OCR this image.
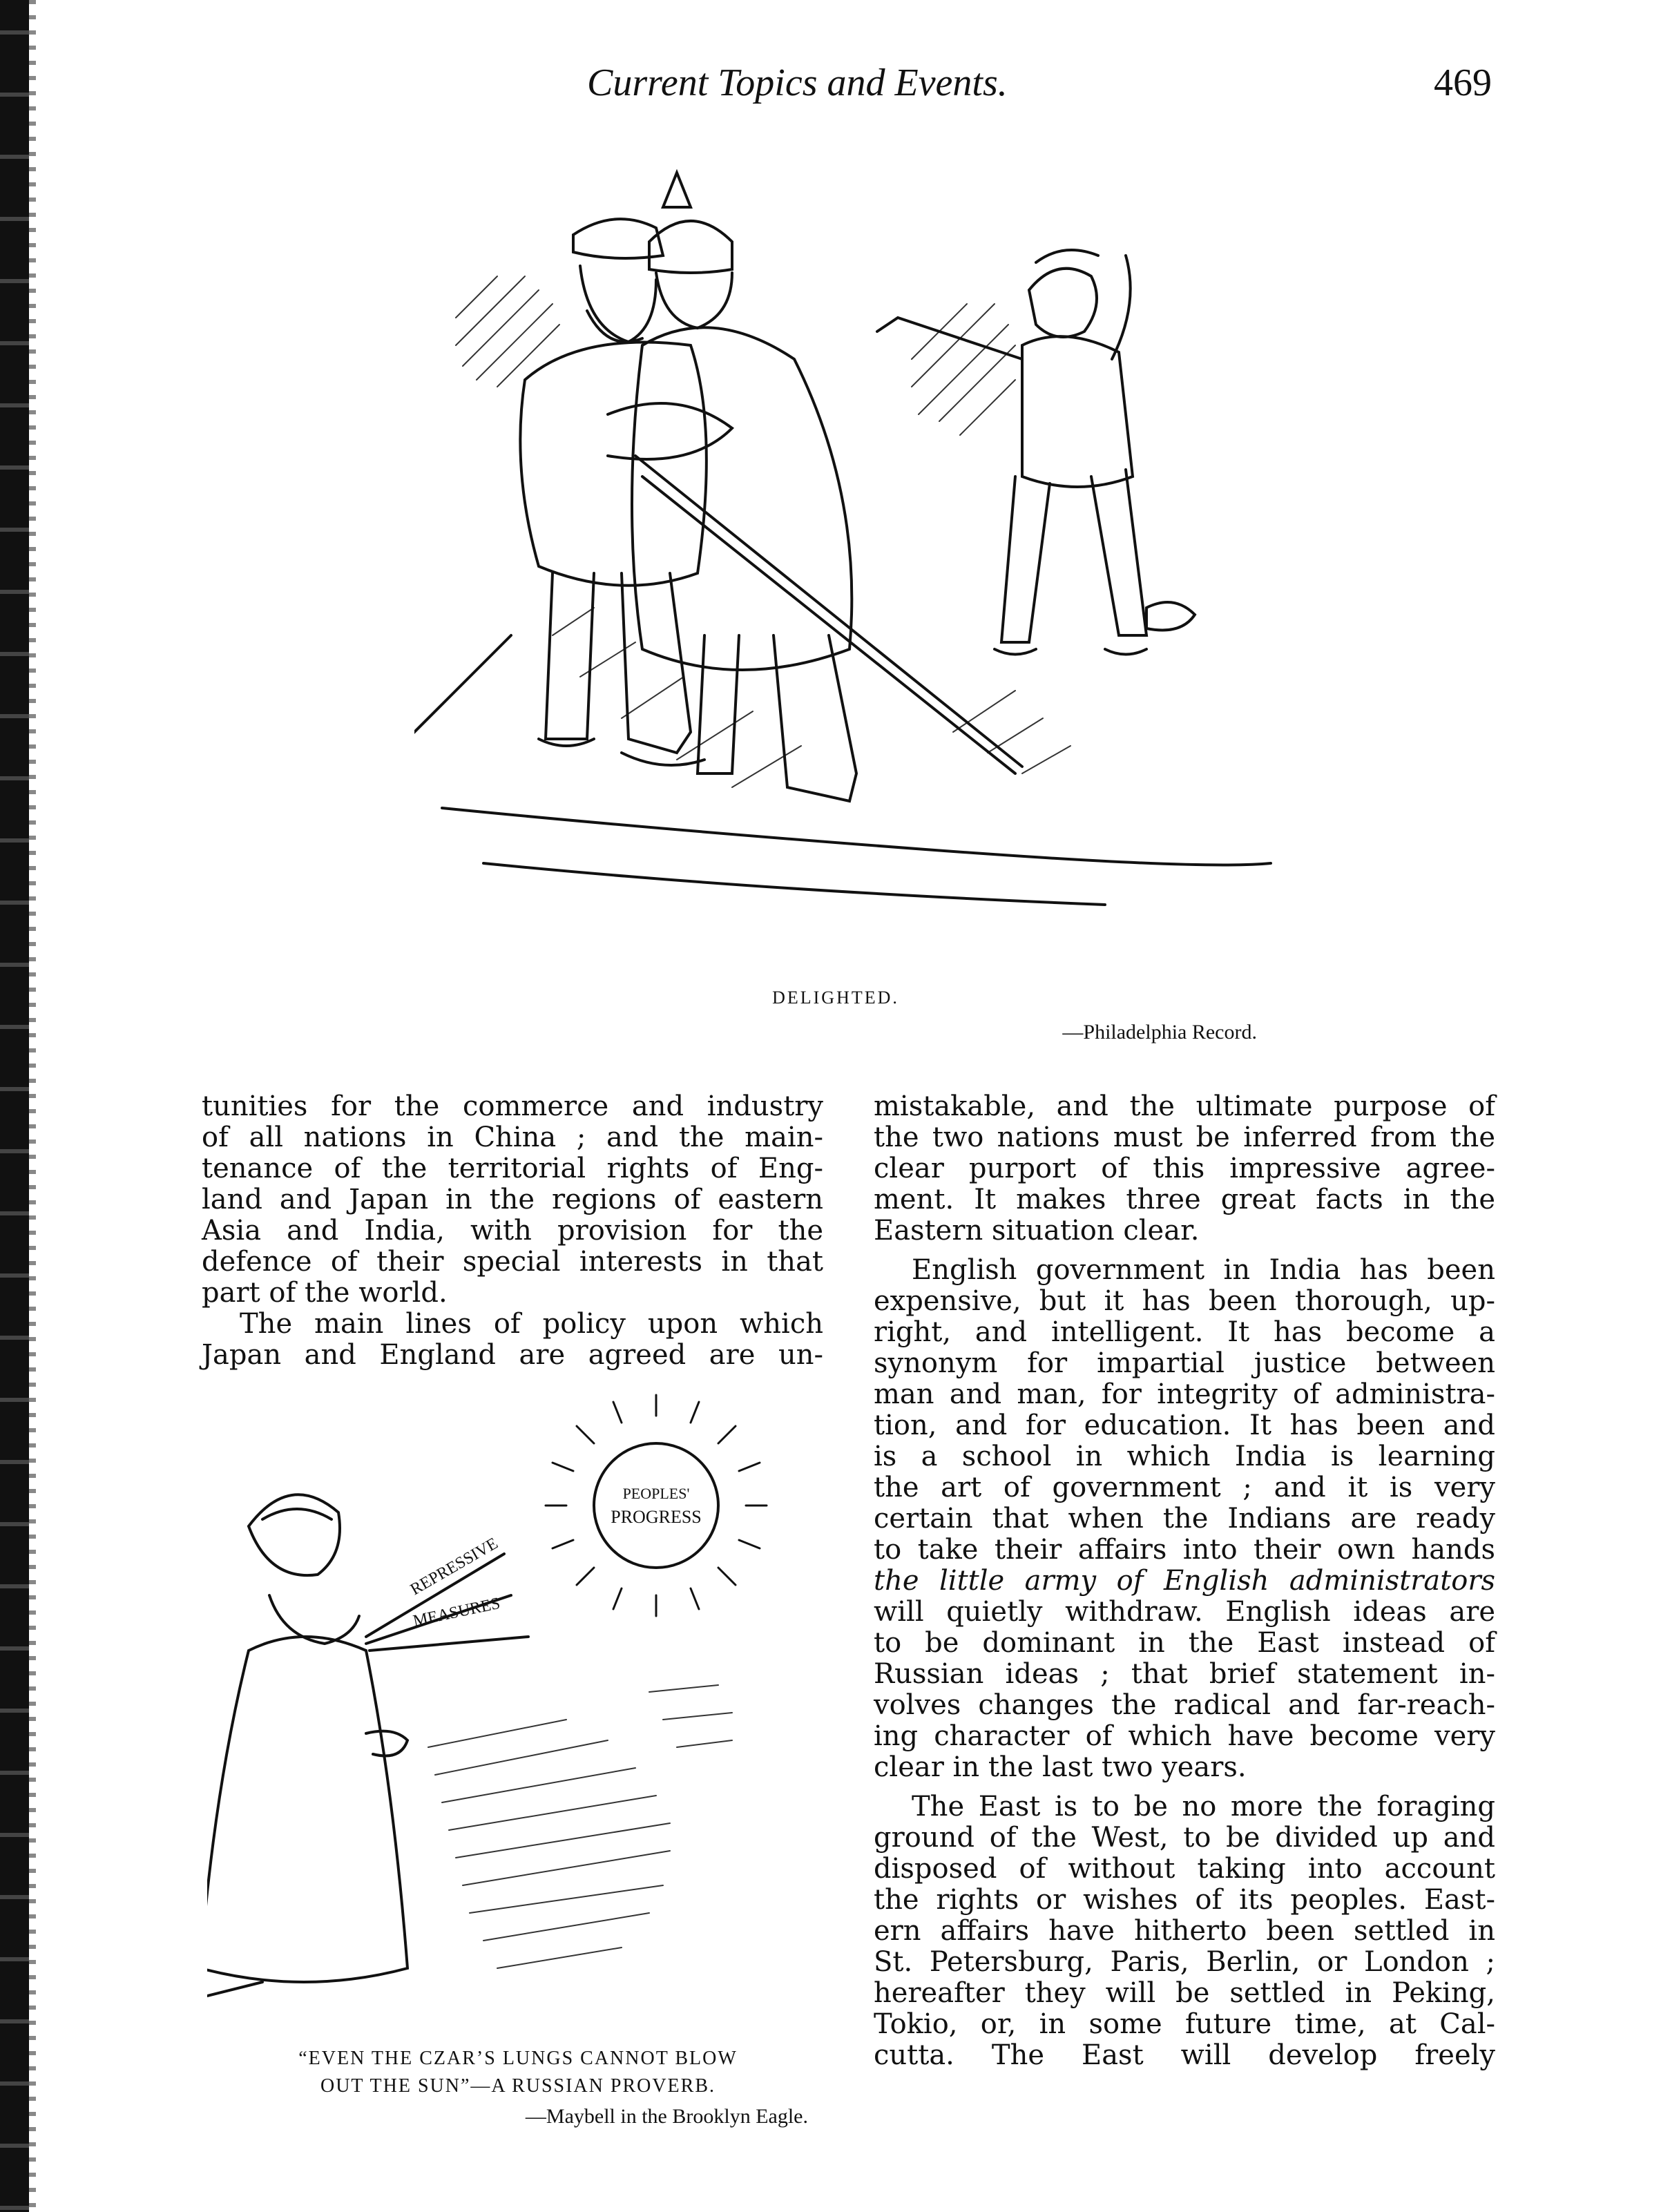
Current Topics and Events.	469
DELIGHTED.
—Philadelphia Record.

tunities for the commerce and industry
of all nations in China ; and the main-
tenance of the territorial rights of Eng-
land and Japan in the regions of eastern
Asia and India, with provision for the
defence of their special interests in that
part of the world.

The main lines of policy upon which
Japan and England are agreed are un-

PEOPLES'
PROGRESS
REPRESSIVE
MEASURES
“EVEN THE CZAR’S LUNGS CANNOT BLOW
OUT THE SUN”—A RUSSIAN PROVERB.
—Maybell in the Brooklyn Eagle.

mistakable, and the ultimate purpose of
the two nations must be inferred from the
clear purport of this impressive agree-
ment. It makes three great facts in the
Eastern situation clear.

English government in India has been
expensive, but it has been thorough, up-
right, and intelligent. It has become a
synonym for impartial justice between
man and man, for integrity of administra-
tion, and for education. It has been and
is a school in which India is learning
the art of government ; and it is very
certain that when the Indians are ready
to take their affairs into their own hands
the little army of English administrators
will quietly withdraw. English ideas are
to be dominant in the East instead of
Russian ideas ; that brief statement in-
volves changes the radical and far-reach-
ing character of which have become very
clear in the last two years.

The East is to be no more the foraging
ground of the West, to be divided up and
disposed of without taking into account
the rights or wishes of its peoples. East-
ern affairs have hitherto been settled in
St. Petersburg, Paris, Berlin, or London ;
hereafter they will be settled in Peking,
Tokio, or, in some future time, at Cal-
cutta. The East will develop freely
